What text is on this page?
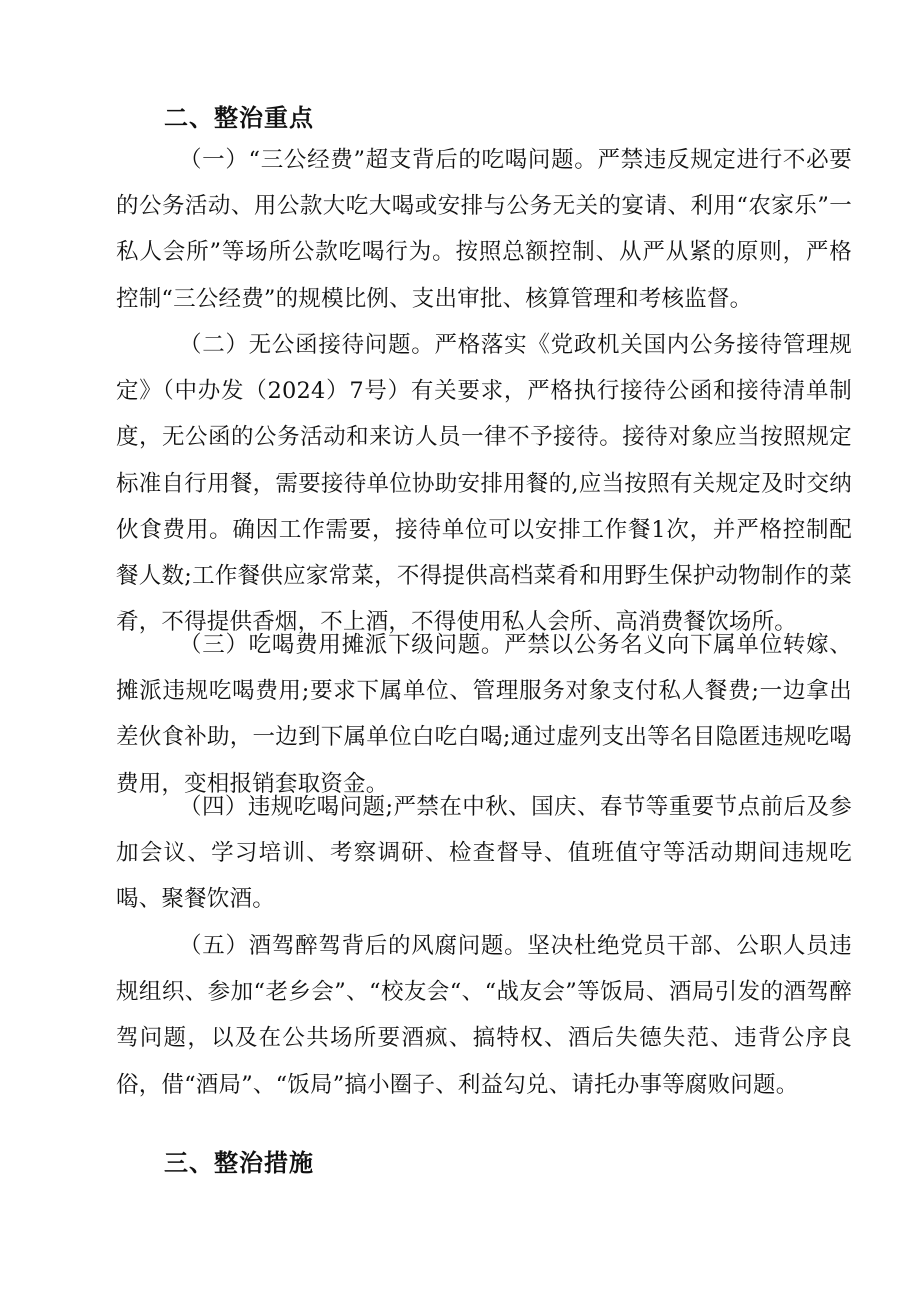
二、整治重点
（一）“三公经费”超支背后的吃喝问题。严禁违反规定进行不必要的公务活动、用公款大吃大喝或安排与公务无关的宴请、利用“农家乐”一私人会所”等场所公款吃喝行为。按照总额控制、从严从紧的原则，严格控制“三公经费”的规模比例、支出审批、核算管理和考核监督。
（二）无公函接待问题。严格落实《党政机关国内公务接待管理规定》（中办发（2024）7号）有关要求，严格执行接待公函和接待清单制度，无公函的公务活动和来访人员一律不予接待。接待对象应当按照规定标准自行用餐，需要接待单位协助安排用餐的,应当按照有关规定及时交纳伙食费用。确因工作需要，接待单位可以安排工作餐1次，并严格控制配餐人数;工作餐供应家常菜，不得提供高档菜肴和用野生保护动物制作的菜肴，不得提供香烟，不上酒，不得使用私人会所、高消费餐饮场所。
（三）吃喝费用摊派下级问题。严禁以公务名义向下属单位转嫁、摊派违规吃喝费用;要求下属单位、管理服务对象支付私人餐费;一边拿出差伙食补助，一边到下属单位白吃白喝;通过虚列支出等名目隐匿违规吃喝费用，变相报销套取资金。
（四）违规吃喝问题;严禁在中秋、国庆、春节等重要节点前后及参加会议、学习培训、考察调研、检查督导、值班值守等活动期间违规吃喝、聚餐饮酒。
（五）酒驾醉驾背后的风腐问题。坚决杜绝党员干部、公职人员违规组织、参加“老乡会”、“校友会“、“战友会”等饭局、酒局引发的酒驾醉驾问题，以及在公共场所要酒疯、搞特权、酒后失德失范、违背公序良俗，借“酒局”、“饭局”搞小圈子、利益勾兑、请托办事等腐败问题。
三、整治措施
